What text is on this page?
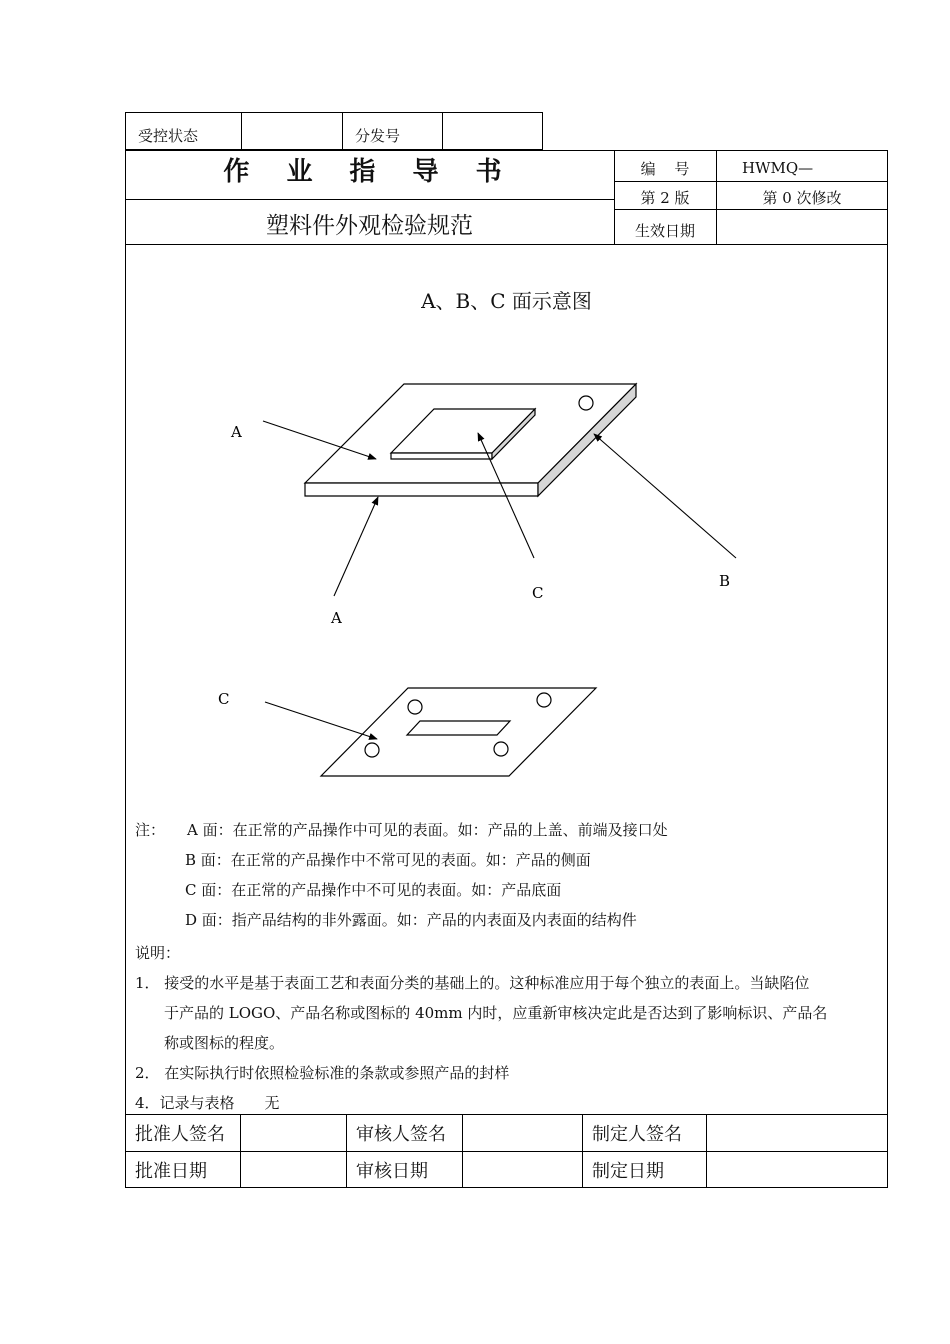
受控状态	分发号
作 业 指 导 书
塑料件外观检验规范
编 号	HWMQ—
第 2 版	第 0 次修改
生效日期
A、B、C 面示意图
A
A
C
B
C
注： A 面：在正常的产品操作中可见的表面。如：产品的上盖、前端及接口处
B 面：在正常的产品操作中不常可见的表面。如：产品的侧面
C 面：在正常的产品操作中不可见的表面。如：产品底面
D 面：指产品结构的非外露面。如：产品的内表面及内表面的结构件
说明：
1． 接受的水平是基于表面工艺和表面分类的基础上的。这种标准应用于每个独立的表面上。当缺陷位
于产品的 LOGO、产品名称或图标的 40mm 内时，应重新审核决定此是否达到了影响标识、产品名
称或图标的程度。
2． 在实际执行时依照检验标准的条款或参照产品的封样
4．记录与表格　　无
批准人签名	审核人签名	制定人签名
批准日期	审核日期	制定日期
